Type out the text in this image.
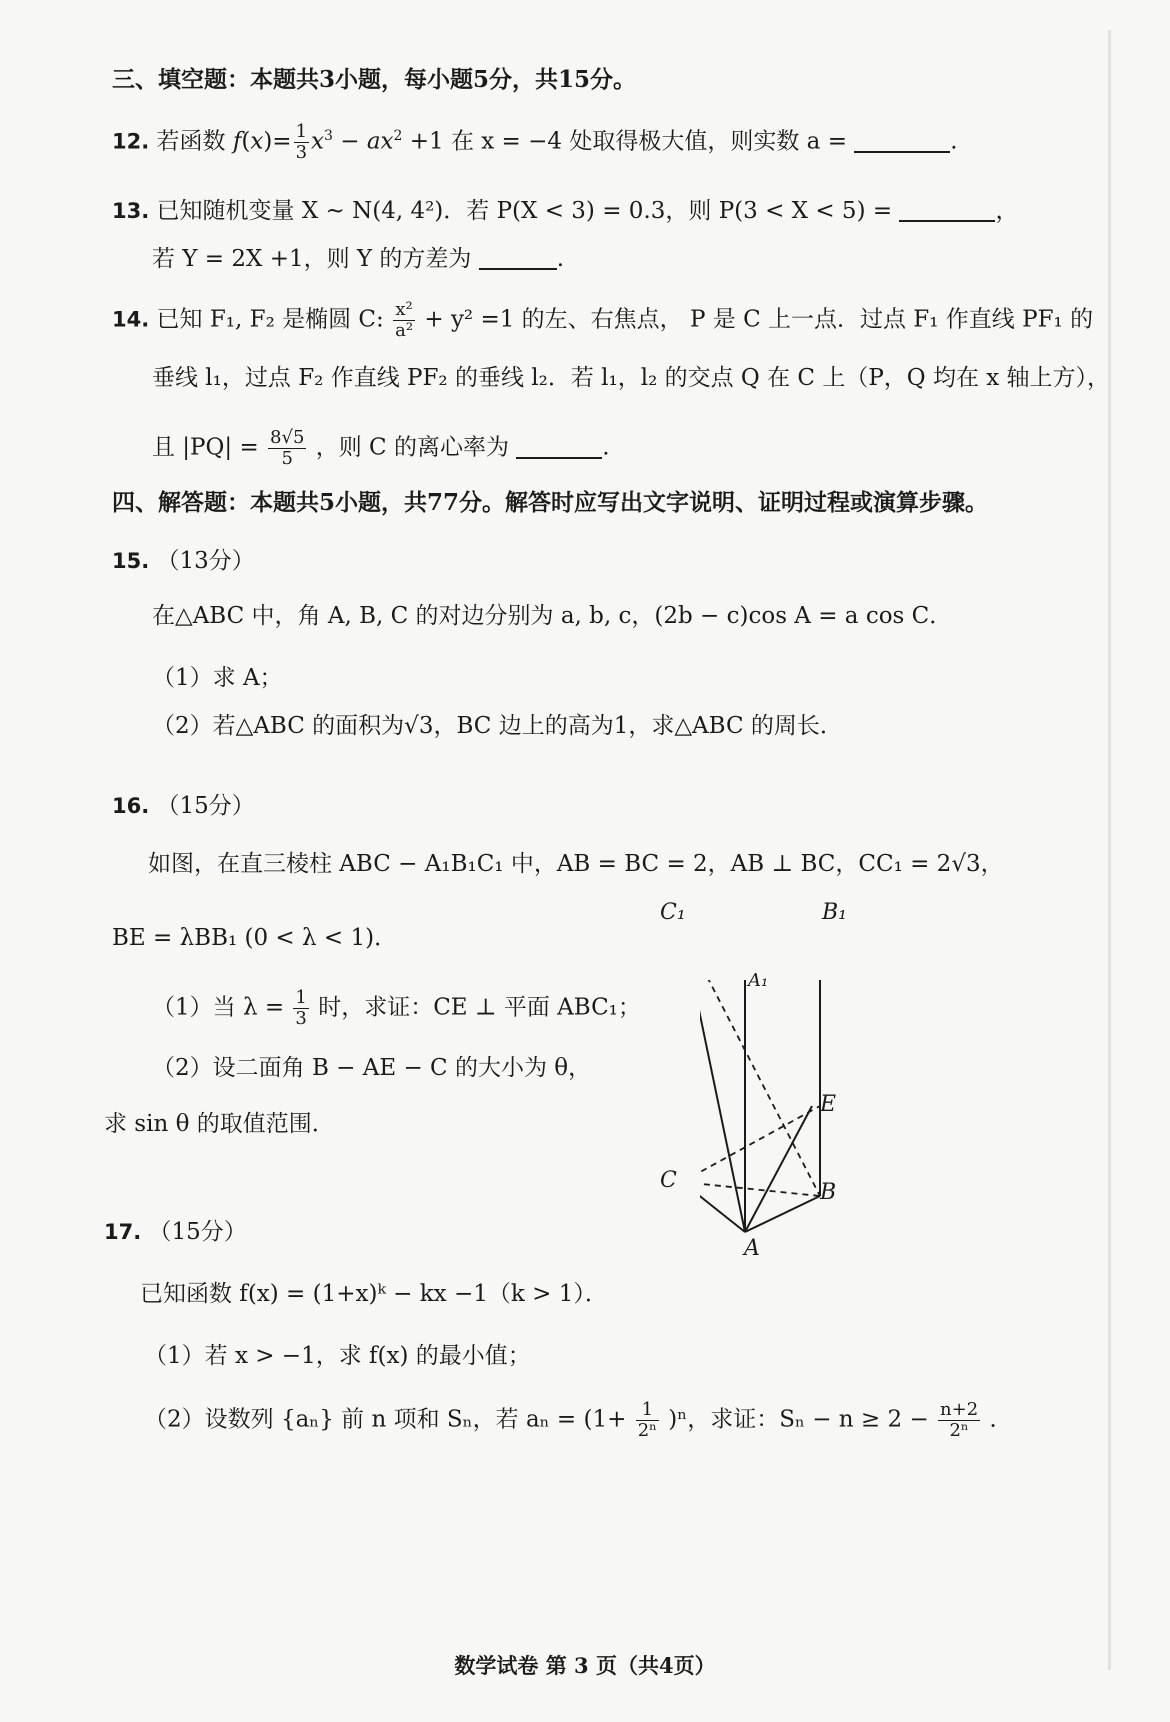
三、填空题：本题共3小题，每小题5分，共15分。
12. 若函数 $f(x)= \frac{1}{3} x^3 - ax^2 +1$ 在 x = −4 处取得极大值，则实数 a =	.
13. 已知随机变量 X ~ N(4, 4²)．若 P(X < 3) = 0.3，则 P(3 < X < 5) =	，
若 Y = 2X +1，则 Y 的方差为	.
14. 已知 F₁, F₂ 是椭圆 C: $\frac{\text{x²}}{\text{a²}} + y^2 =1$ 的左、右焦点， P 是 C 上一点．过点 F₁ 作直线 PF₁ 的
垂线 l₁，过点 F₂ 作直线 PF₂ 的垂线 l₂．若 l₁，l₂ 的交点 Q 在 C 上（P，Q 均在 x 轴上方），
且 $|PQ| = \frac{8√5}{5}$ ，则 C 的离心率为	.
四、解答题：本题共5小题，共77分。解答时应写出文字说明、证明过程或演算步骤。
15. （13分）
在△ABC 中，角 A, B, C 的对边分别为 a, b, c，(2b − c)cos A = a cos C．
（1）求 A；
（2）若△ABC 的面积为√3，BC 边上的高为1，求△ABC 的周长．
16. （15分）
如图，在直三棱柱 ABC − A₁B₁C₁ 中，AB = BC = 2，AB ⊥ BC，CC₁ = 2√3，
BE = λBB₁ (0 < λ < 1)．
（1）当 $\lambda = \frac{1}{3}$ 时，求证：CE ⊥ 平面 ABC₁；
（2）设二面角 B − AE − C 的大小为 θ，
求 sin θ 的取值范围．
C₁	B₁
A₁
E
C	B
A
17. （15分）
已知函数 f(x) = (1+x)ᵏ − kx −1（k > 1）．
（1）若 x > −1，求 f(x) 的最小值；
（2）设数列 {aₙ} 前 n 项和 Sₙ，若 $a_n = (1+ \frac{1}{\text{2ⁿ}} )^n$，求证：$S_n - n \ge 2 - \frac{n+2}{\text{2ⁿ}}$ ．
数学试卷 第 3 页（共4页）
